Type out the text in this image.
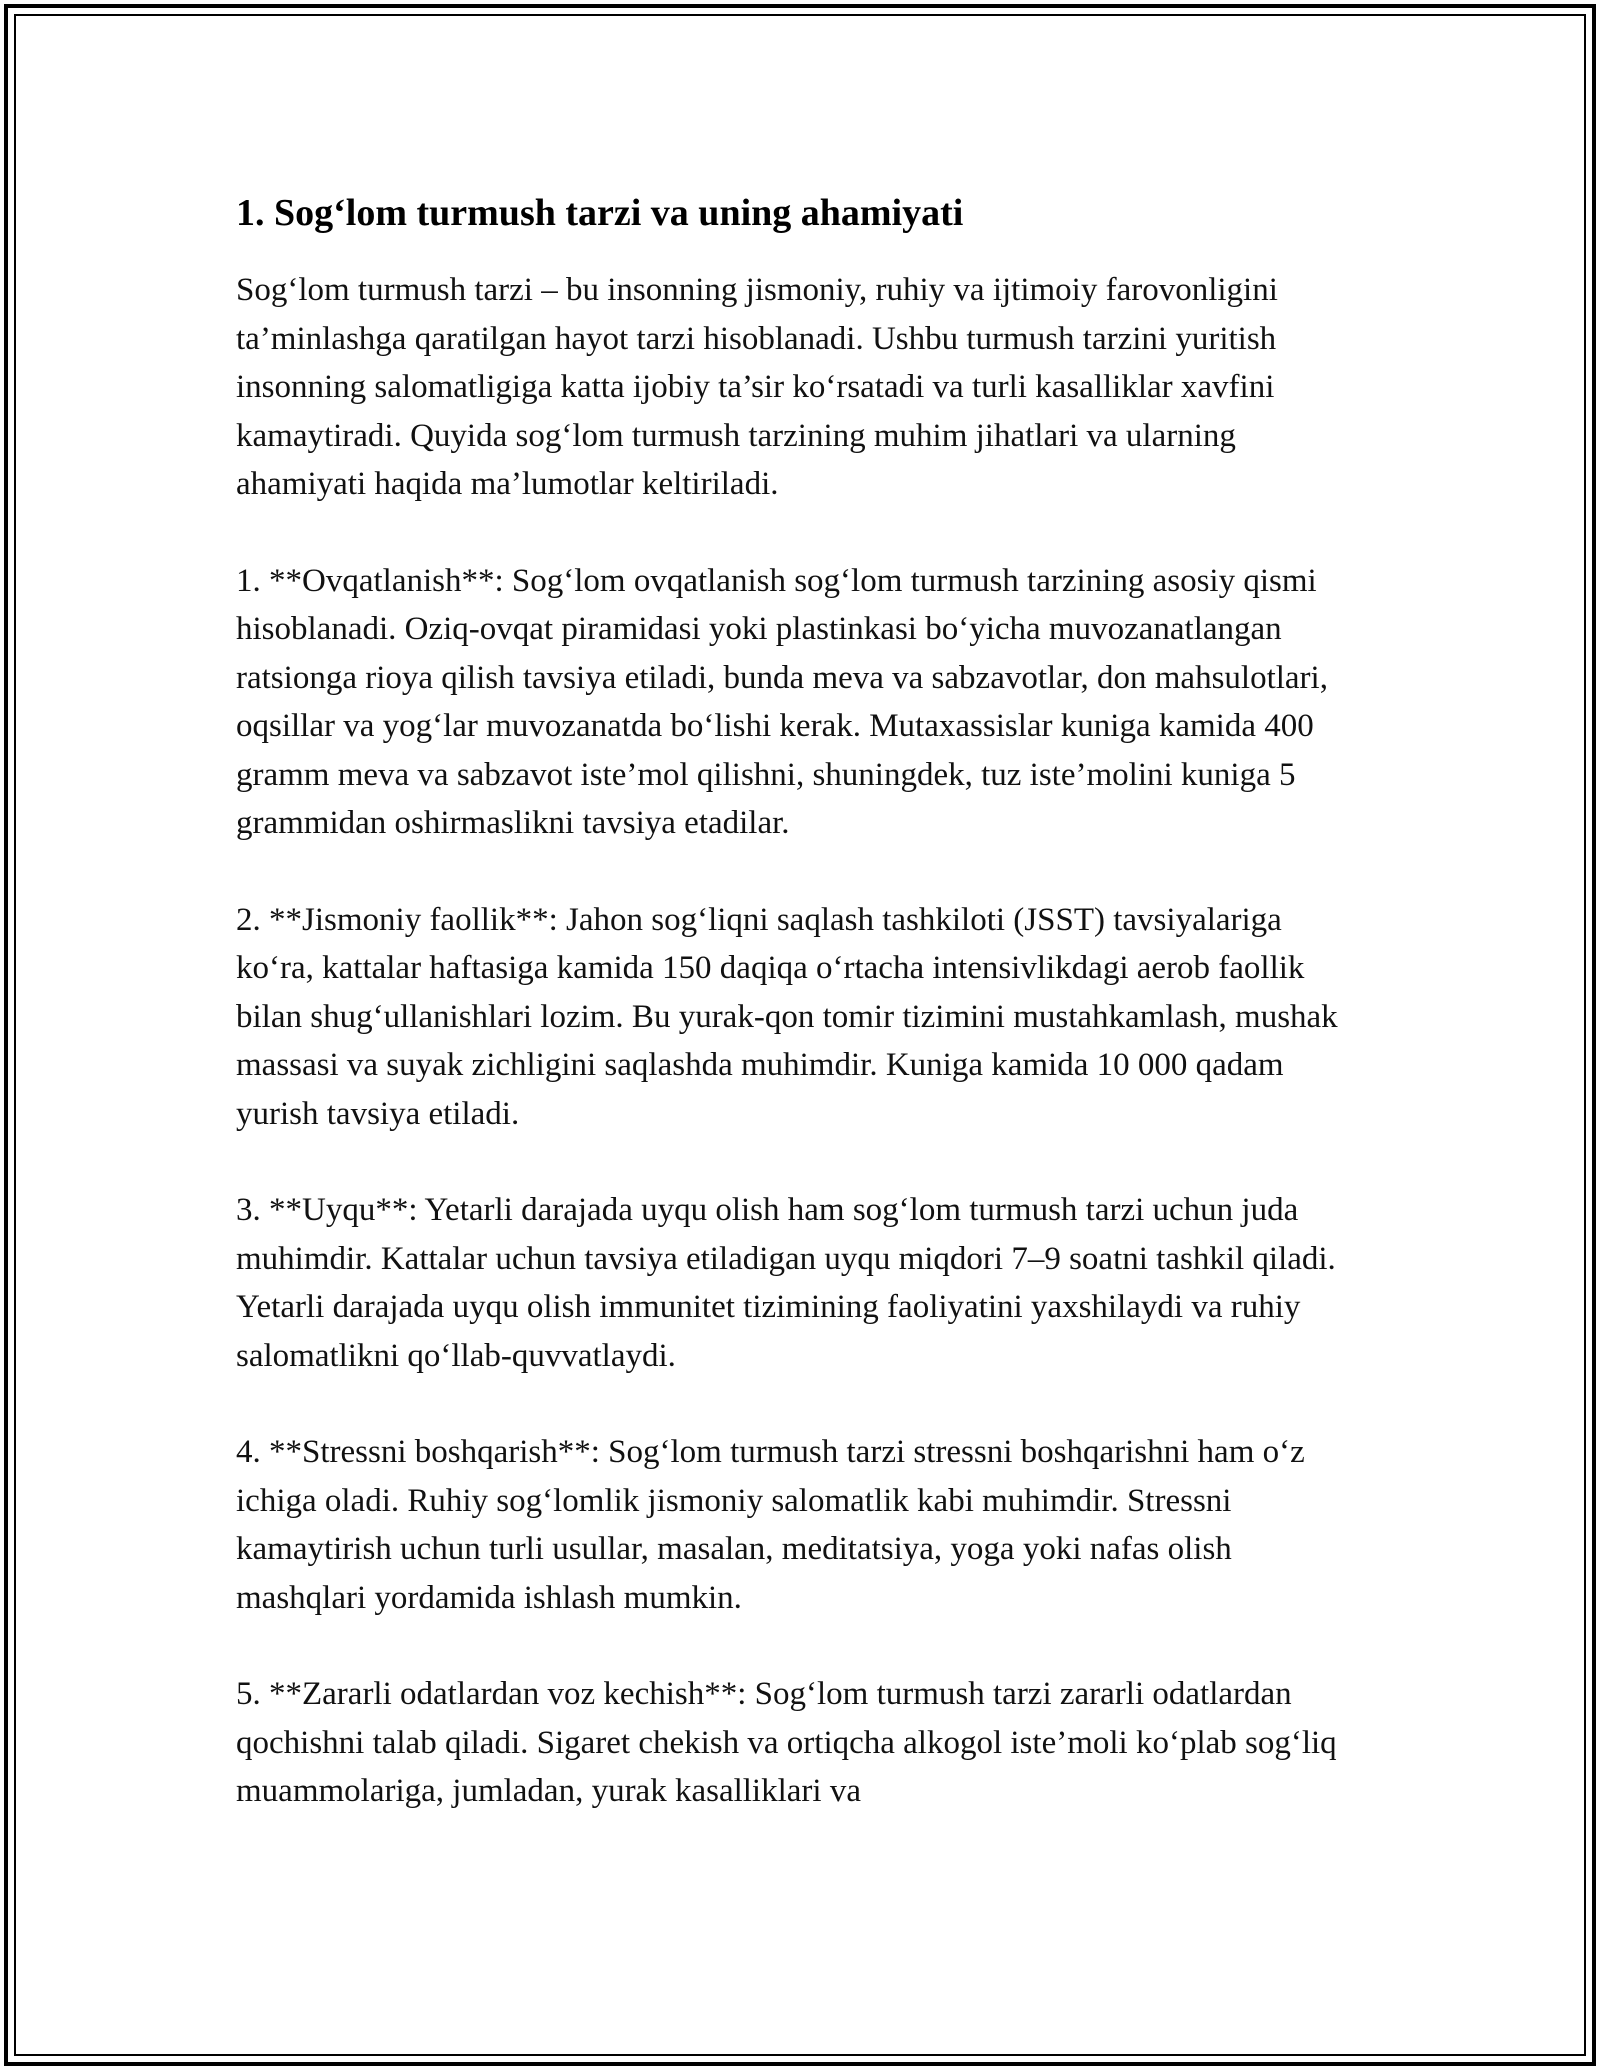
1. Sog‘lom turmush tarzi va uning ahamiyati

Sog‘lom turmush tarzi – bu insonning jismoniy, ruhiy va ijtimoiy farovonligini ta’minlashga qaratilgan hayot tarzi hisoblanadi. Ushbu turmush tarzini yuritish insonning salomatligiga katta ijobiy ta’sir ko‘rsatadi va turli kasalliklar xavfini kamaytiradi. Quyida sog‘lom turmush tarzining muhim jihatlari va ularning ahamiyati haqida ma’lumotlar keltiriladi.

1. **Ovqatlanish**: Sog‘lom ovqatlanish sog‘lom turmush tarzining asosiy qismi hisoblanadi. Oziq-ovqat piramidasi yoki plastinkasi bo‘yicha muvozanatlangan ratsionga rioya qilish tavsiya etiladi, bunda meva va sabzavotlar, don mahsulotlari, oqsillar va yog‘lar muvozanatda bo‘lishi kerak. Mutaxassislar kuniga kamida 400 gramm meva va sabzavot iste’mol qilishni, shuningdek, tuz iste’molini kuniga 5 grammidan oshirmaslikni tavsiya etadilar.

2. **Jismoniy faollik**: Jahon sog‘liqni saqlash tashkiloti (JSST) tavsiyalariga ko‘ra, kattalar haftasiga kamida 150 daqiqa o‘rtacha intensivlikdagi aerob faollik bilan shug‘ullanishlari lozim. Bu yurak-qon tomir tizimini mustahkamlash, mushak massasi va suyak zichligini saqlashda muhimdir. Kuniga kamida 10 000 qadam yurish tavsiya etiladi.

3. **Uyqu**: Yetarli darajada uyqu olish ham sog‘lom turmush tarzi uchun juda muhimdir. Kattalar uchun tavsiya etiladigan uyqu miqdori 7–9 soatni tashkil qiladi. Yetarli darajada uyqu olish immunitet tizimining faoliyatini yaxshilaydi va ruhiy salomatlikni qo‘llab-quvvatlaydi.

4. **Stressni boshqarish**: Sog‘lom turmush tarzi stressni boshqarishni ham o‘z ichiga oladi. Ruhiy sog‘lomlik jismoniy salomatlik kabi muhimdir. Stressni kamaytirish uchun turli usullar, masalan, meditatsiya, yoga yoki nafas olish mashqlari yordamida ishlash mumkin.

5. **Zararli odatlardan voz kechish**: Sog‘lom turmush tarzi zararli odatlardan qochishni talab qiladi. Sigaret chekish va ortiqcha alkogol iste’moli ko‘plab sog‘liq muammolariga, jumladan, yurak kasalliklari va
